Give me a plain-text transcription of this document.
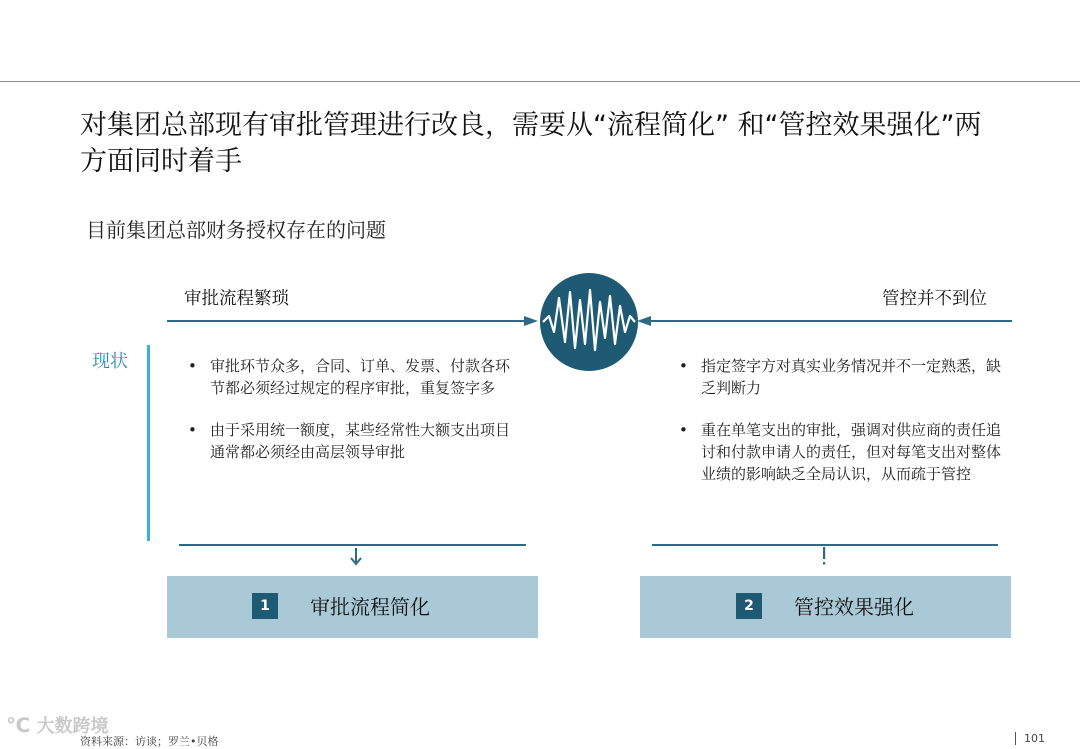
对集团总部现有审批管理进行改良，需要从“流程简化” 和“管控效果强化”两方面同时着手
目前集团总部财务授权存在的问题
审批流程繁琐	管控并不到位
现状
•	审批环节众多，合同、订单、发票、付款各环节都必须经过规定的程序审批，重复签字多
• 由于采用统一额度，某些经常性大额支出项目通常都必须经由高层领导审批
• 指定签字方对真实业务情况并不一定熟悉，缺乏判断力
• 重在单笔支出的审批，强调对供应商的责任追讨和付款申请人的责任，但对每笔支出对整体业绩的影响缺乏全局认识，从而疏于管控
1	审批流程简化	2	管控效果强化
℃ 大数跨境
资料来源：访谈；罗兰•贝格	101
